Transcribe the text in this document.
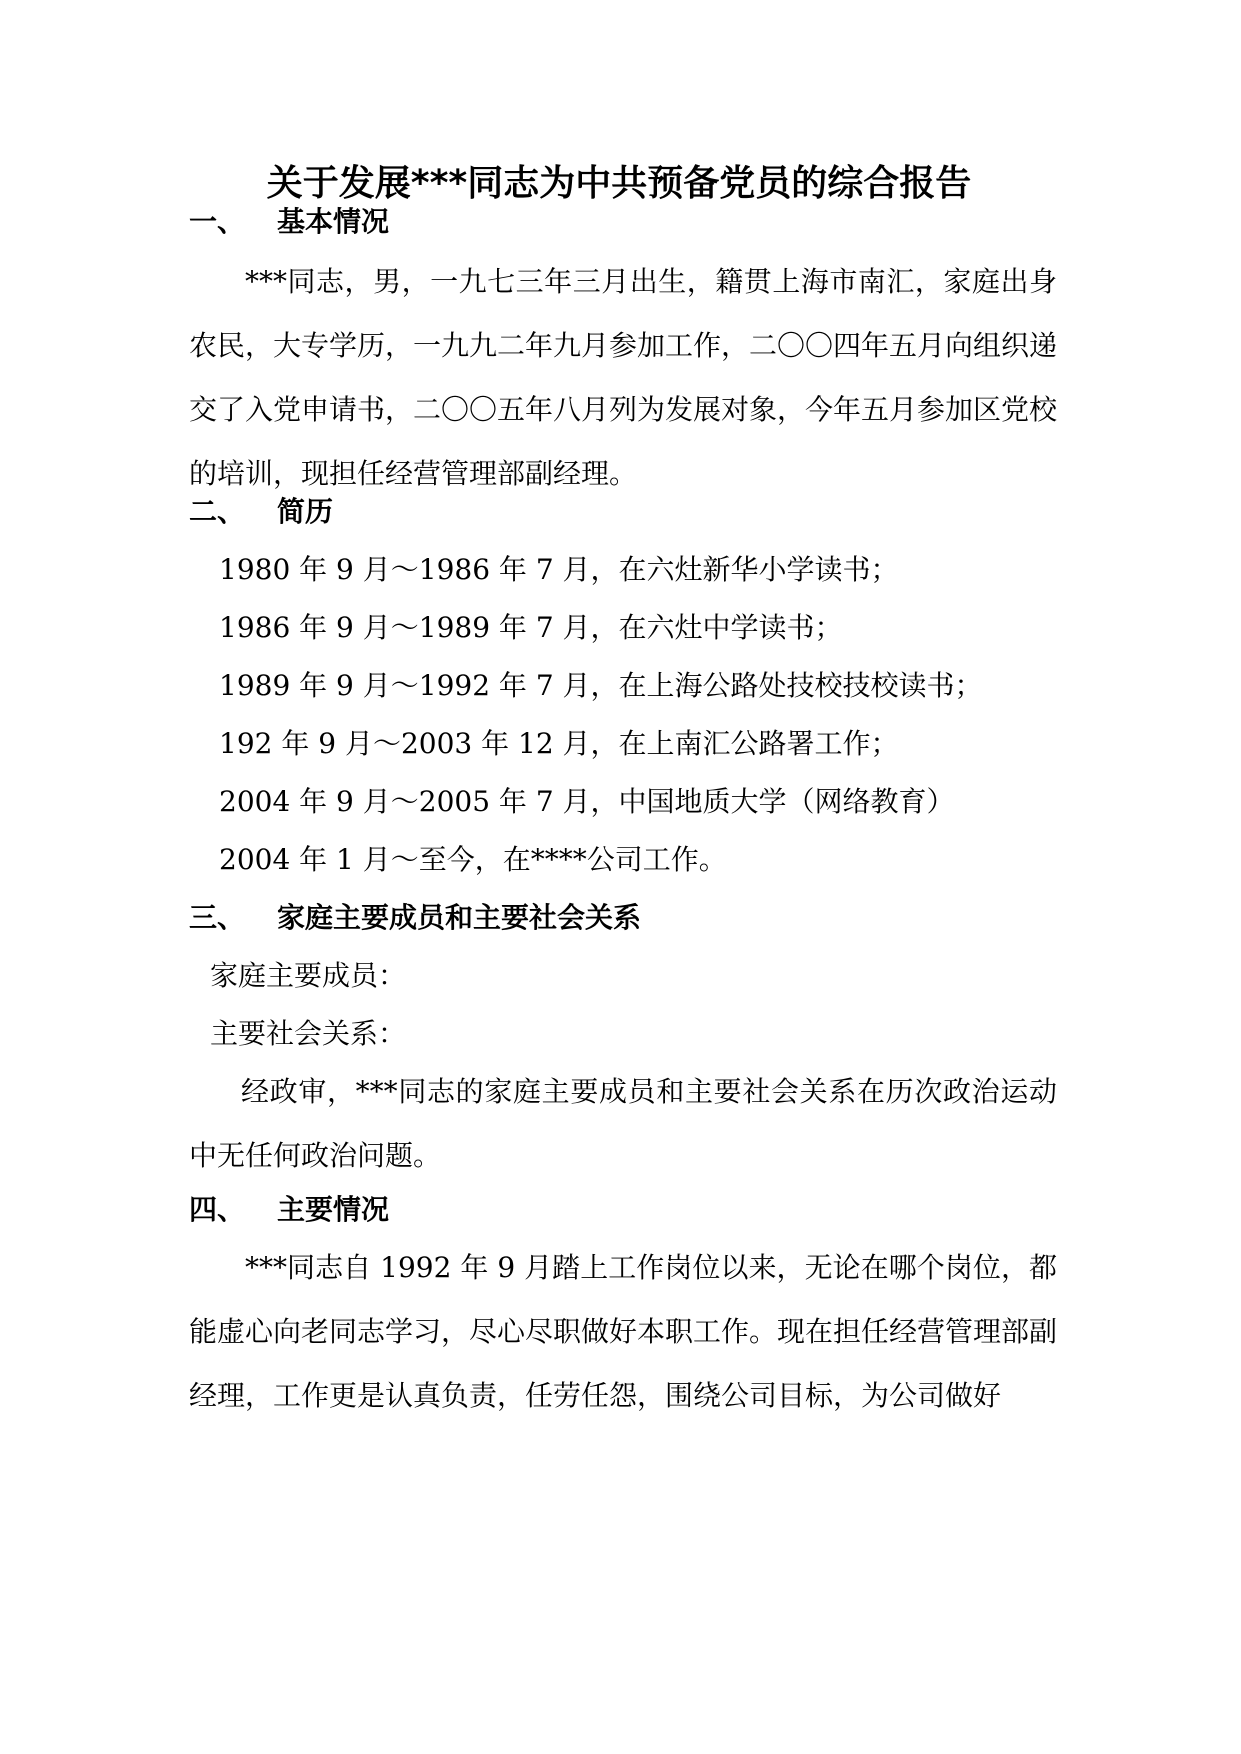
关于发展***同志为中共预备党员的综合报告
一、 基本情况
***同志，男，一九七三年三月出生，籍贯上海市南汇，家庭出身农民，大专学历，一九九二年九月参加工作，二〇〇四年五月向组织递交了入党申请书，二〇〇五年八月列为发展对象，今年五月参加区党校的培训，现担任经营管理部副经理。
二、 简历
1980 年 9 月～1986 年 7 月，在六灶新华小学读书；
1986 年 9 月～1989 年 7 月，在六灶中学读书；
1989 年 9 月～1992 年 7 月，在上海公路处技校技校读书；
192 年 9 月～2003 年 12 月，在上南汇公路署工作；
2004 年 9 月～2005 年 7 月，中国地质大学（网络教育）
2004 年 1 月～至今，在****公司工作。
三、 家庭主要成员和主要社会关系
家庭主要成员：
主要社会关系：
经政审，***同志的家庭主要成员和主要社会关系在历次政治运动中无任何政治问题。
四、 主要情况
***同志自 1992 年 9 月踏上工作岗位以来，无论在哪个岗位，都能虚心向老同志学习，尽心尽职做好本职工作。现在担任经营管理部副经理，工作更是认真负责，任劳任怨，围绕公司目标，为公司做好
